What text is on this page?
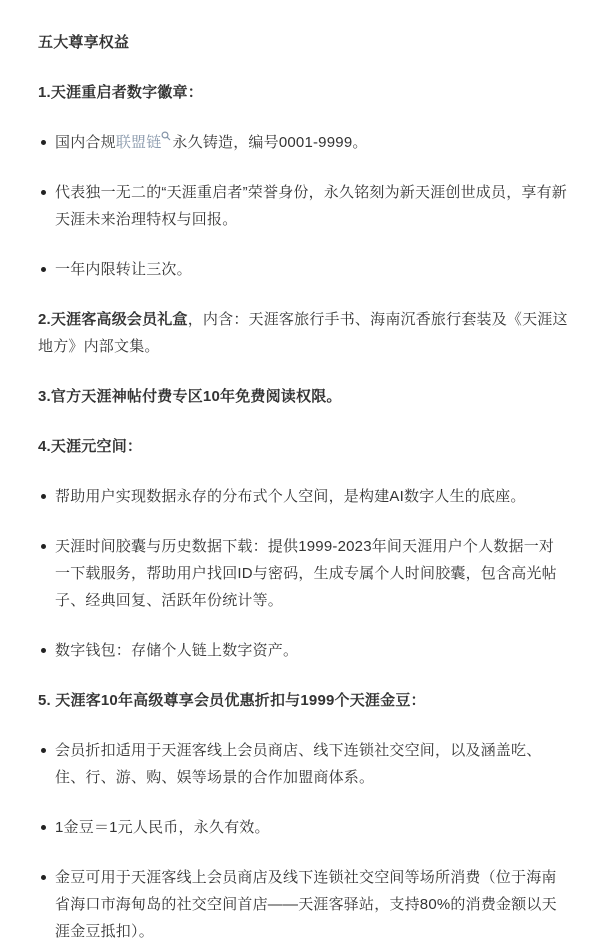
五大尊享权益

1.天涯重启者数字徽章：

国内合规联盟链 永久铸造，编号0001-9999。
代表独一无二的“天涯重启者”荣誉身份，永久铭刻为新天涯创世成员，享有新天涯未来治理特权与回报。
一年内限转让三次。

2.天涯客高级会员礼盒，内含：天涯客旅行手书、海南沉香旅行套装及《天涯这地方》内部文集。

3.官方天涯神帖付费专区10年免费阅读权限。

4.天涯元空间：

帮助用户实现数据永存的分布式个人空间，是构建AI数字人生的底座。
天涯时间胶囊与历史数据下载：提供1999-2023年间天涯用户个人数据一对一下载服务，帮助用户找回ID与密码，生成专属个人时间胶囊，包含高光帖子、经典回复、活跃年份统计等。
数字钱包：存储个人链上数字资产。

5. 天涯客10年高级尊享会员优惠折扣与1999个天涯金豆：

会员折扣适用于天涯客线上会员商店、线下连锁社交空间，以及涵盖吃、住、行、游、购、娱等场景的合作加盟商体系。
1金豆＝1元人民币，永久有效。
金豆可用于天涯客线上会员商店及线下连锁社交空间等场所消费（位于海南省海口市海甸岛的社交空间首店——天涯客驿站，支持80%的消费金额以天涯金豆抵扣）。
